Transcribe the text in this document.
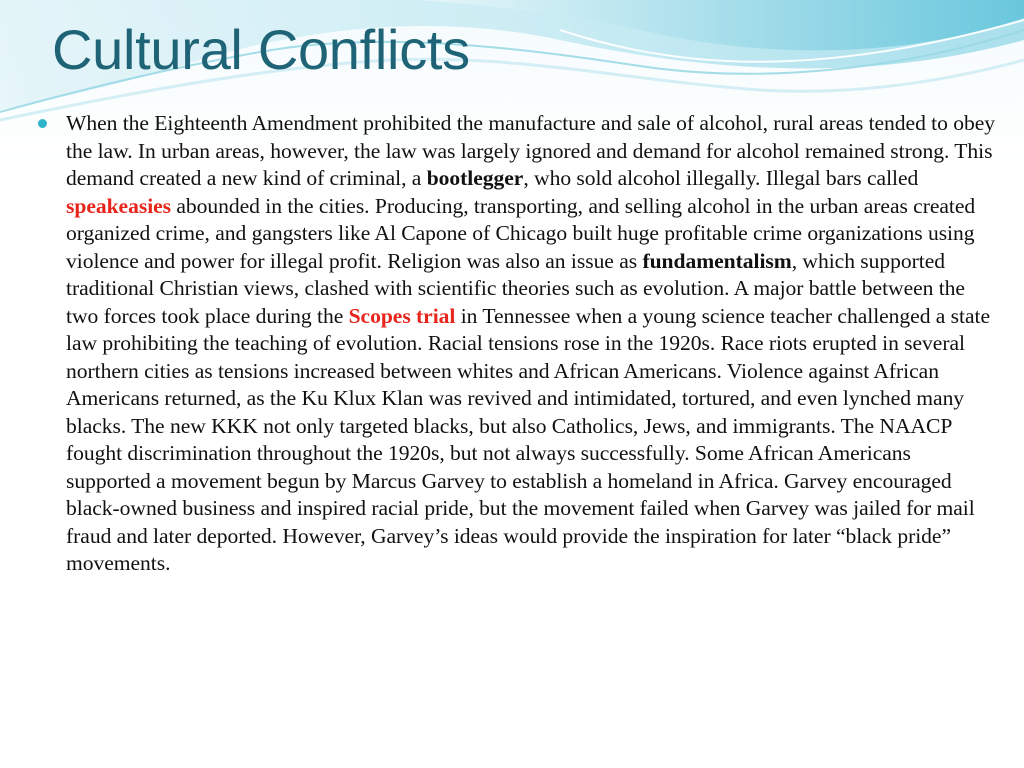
Cultural Conflicts

When the Eighteenth Amendment prohibited the manufacture and sale of alcohol, rural areas tended to obey the law. In urban areas, however, the law was largely ignored and demand for alcohol remained strong. This demand created a new kind of criminal, a bootlegger, who sold alcohol illegally. Illegal bars called speakeasies abounded in the cities. Producing, transporting, and selling alcohol in the urban areas created organized crime, and gangsters like Al Capone of Chicago built huge profitable crime organizations using violence and power for illegal profit. Religion was also an issue as fundamentalism, which supported traditional Christian views, clashed with scientific theories such as evolution. A major battle between the two forces took place during the Scopes trial in Tennessee when a young science teacher challenged a state law prohibiting the teaching of evolution. Racial tensions rose in the 1920s. Race riots erupted in several northern cities as tensions increased between whites and African Americans. Violence against African Americans returned, as the Ku Klux Klan was revived and intimidated, tortured, and even lynched many blacks. The new KKK not only targeted blacks, but also Catholics, Jews, and immigrants. The NAACP fought discrimination throughout the 1920s, but not always successfully. Some African Americans supported a movement begun by Marcus Garvey to establish a homeland in Africa. Garvey encouraged black-owned business and inspired racial pride, but the movement failed when Garvey was jailed for mail fraud and later deported. However, Garvey’s ideas would provide the inspiration for later “black pride” movements.
